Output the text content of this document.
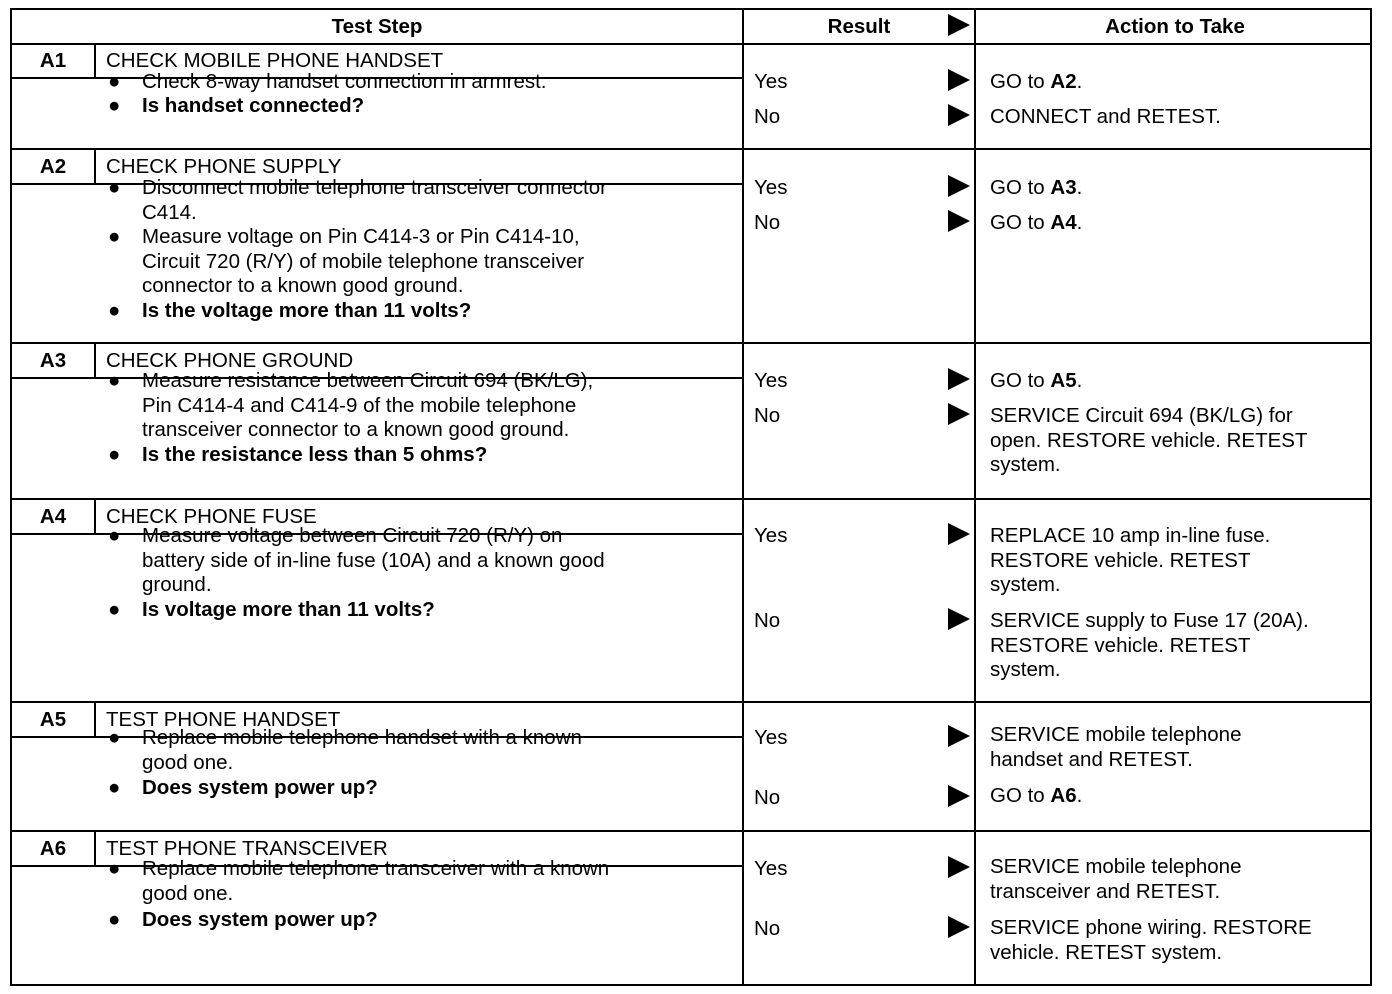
Test Step	Result	Action to Take
A1	CHECK MOBILE PHONE HANDSET
●	Check 8-way handset connection in armrest.
●	Is handset connected?
Yes	GO to A2.
No	CONNECT and RETEST.
A2	CHECK PHONE SUPPLY
●	Disconnect mobile telephone transceiver connector
C414.
●	Measure voltage on Pin C414-3 or Pin C414-10,
Circuit 720 (R/Y) of mobile telephone transceiver
connector to a known good ground.
●	Is the voltage more than 11 volts?
Yes	GO to A3.
No	GO to A4.
A3	CHECK PHONE GROUND
●	Measure resistance between Circuit 694 (BK/LG),
Pin C414-4 and C414-9 of the mobile telephone
transceiver connector to a known good ground.
●	Is the resistance less than 5 ohms?
Yes	GO to A5.
No	SERVICE Circuit 694 (BK/LG) for
open. RESTORE vehicle. RETEST
system.
A4	CHECK PHONE FUSE
●	Measure voltage between Circuit 720 (R/Y) on
battery side of in-line fuse (10A) and a known good
ground.
●	Is voltage more than 11 volts?
Yes	REPLACE 10 amp in-line fuse.
RESTORE vehicle. RETEST
system.
No	SERVICE supply to Fuse 17 (20A).
RESTORE vehicle. RETEST
system.
A5	TEST PHONE HANDSET
●	Replace mobile telephone handset with a known
good one.
●	Does system power up?
Yes	SERVICE mobile telephone
handset and RETEST.
No	GO to A6.
A6	TEST PHONE TRANSCEIVER
●	Replace mobile telephone transceiver with a known
good one.
●	Does system power up?
Yes	SERVICE mobile telephone
transceiver and RETEST.
No	SERVICE phone wiring. RESTORE
vehicle. RETEST system.
